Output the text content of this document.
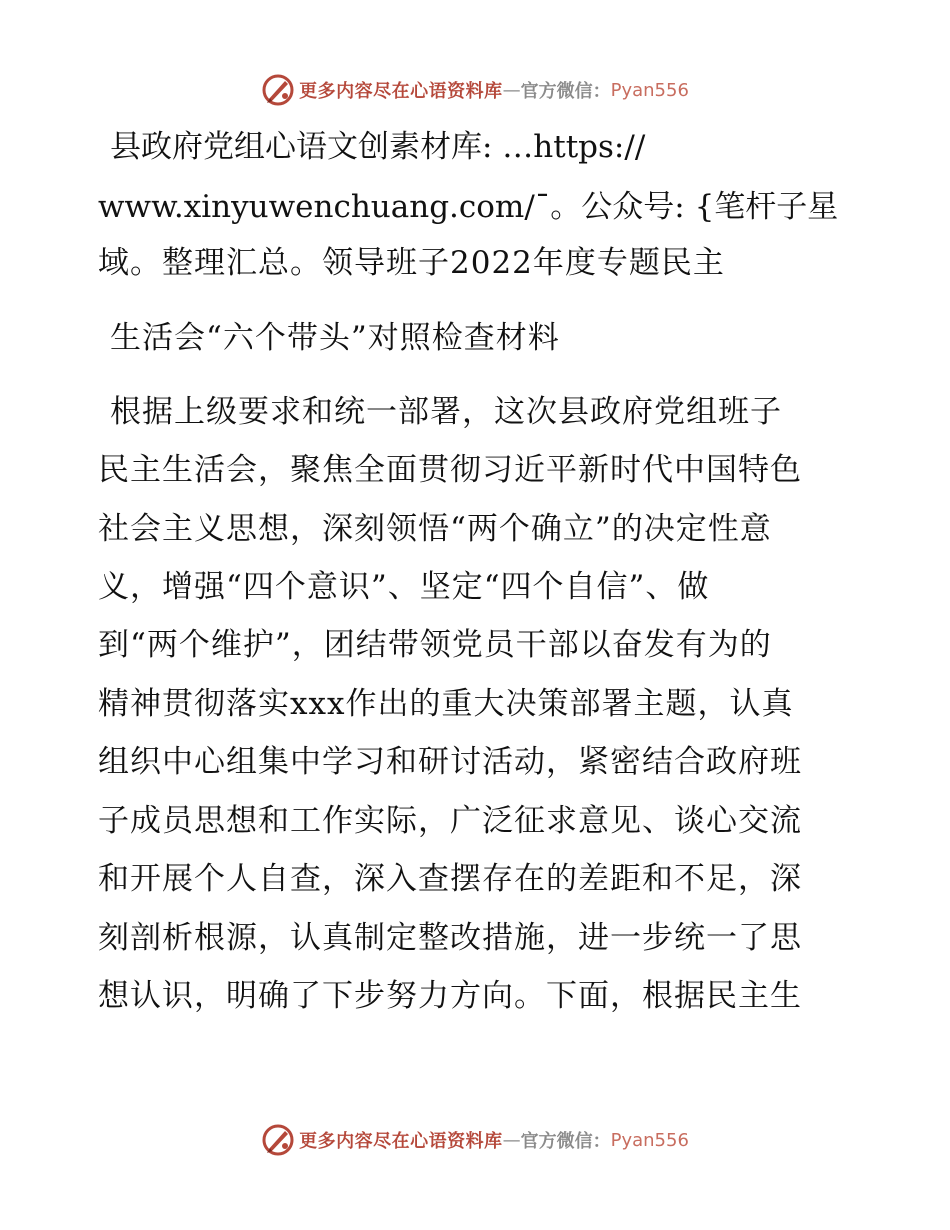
更多内容尽在心语资料库 — 官方微信： Pyan556
县政府党组心语文创素材库: …https://
www.xinyuwenchuang.com/¯。公众号: {笔杆子星
域。整理汇总。领导班子2022年度专题民主
生活会“六个带头”对照检查材料
根据上级要求和统一部署，这次县政府党组班子
民主生活会，聚焦全面贯彻习近平新时代中国特色
社会主义思想，深刻领悟“两个确立”的决定性意
义，增强“四个意识”、坚定“四个自信”、做
到“两个维护”，团结带领党员干部以奋发有为的
精神贯彻落实xxx作出的重大决策部署主题，认真
组织中心组集中学习和研讨活动，紧密结合政府班
子成员思想和工作实际，广泛征求意见、谈心交流
和开展个人自查，深入查摆存在的差距和不足，深
刻剖析根源，认真制定整改措施，进一步统一了思
想认识，明确了下步努力方向。下面，根据民主生
更多内容尽在心语资料库 — 官方微信： Pyan556
